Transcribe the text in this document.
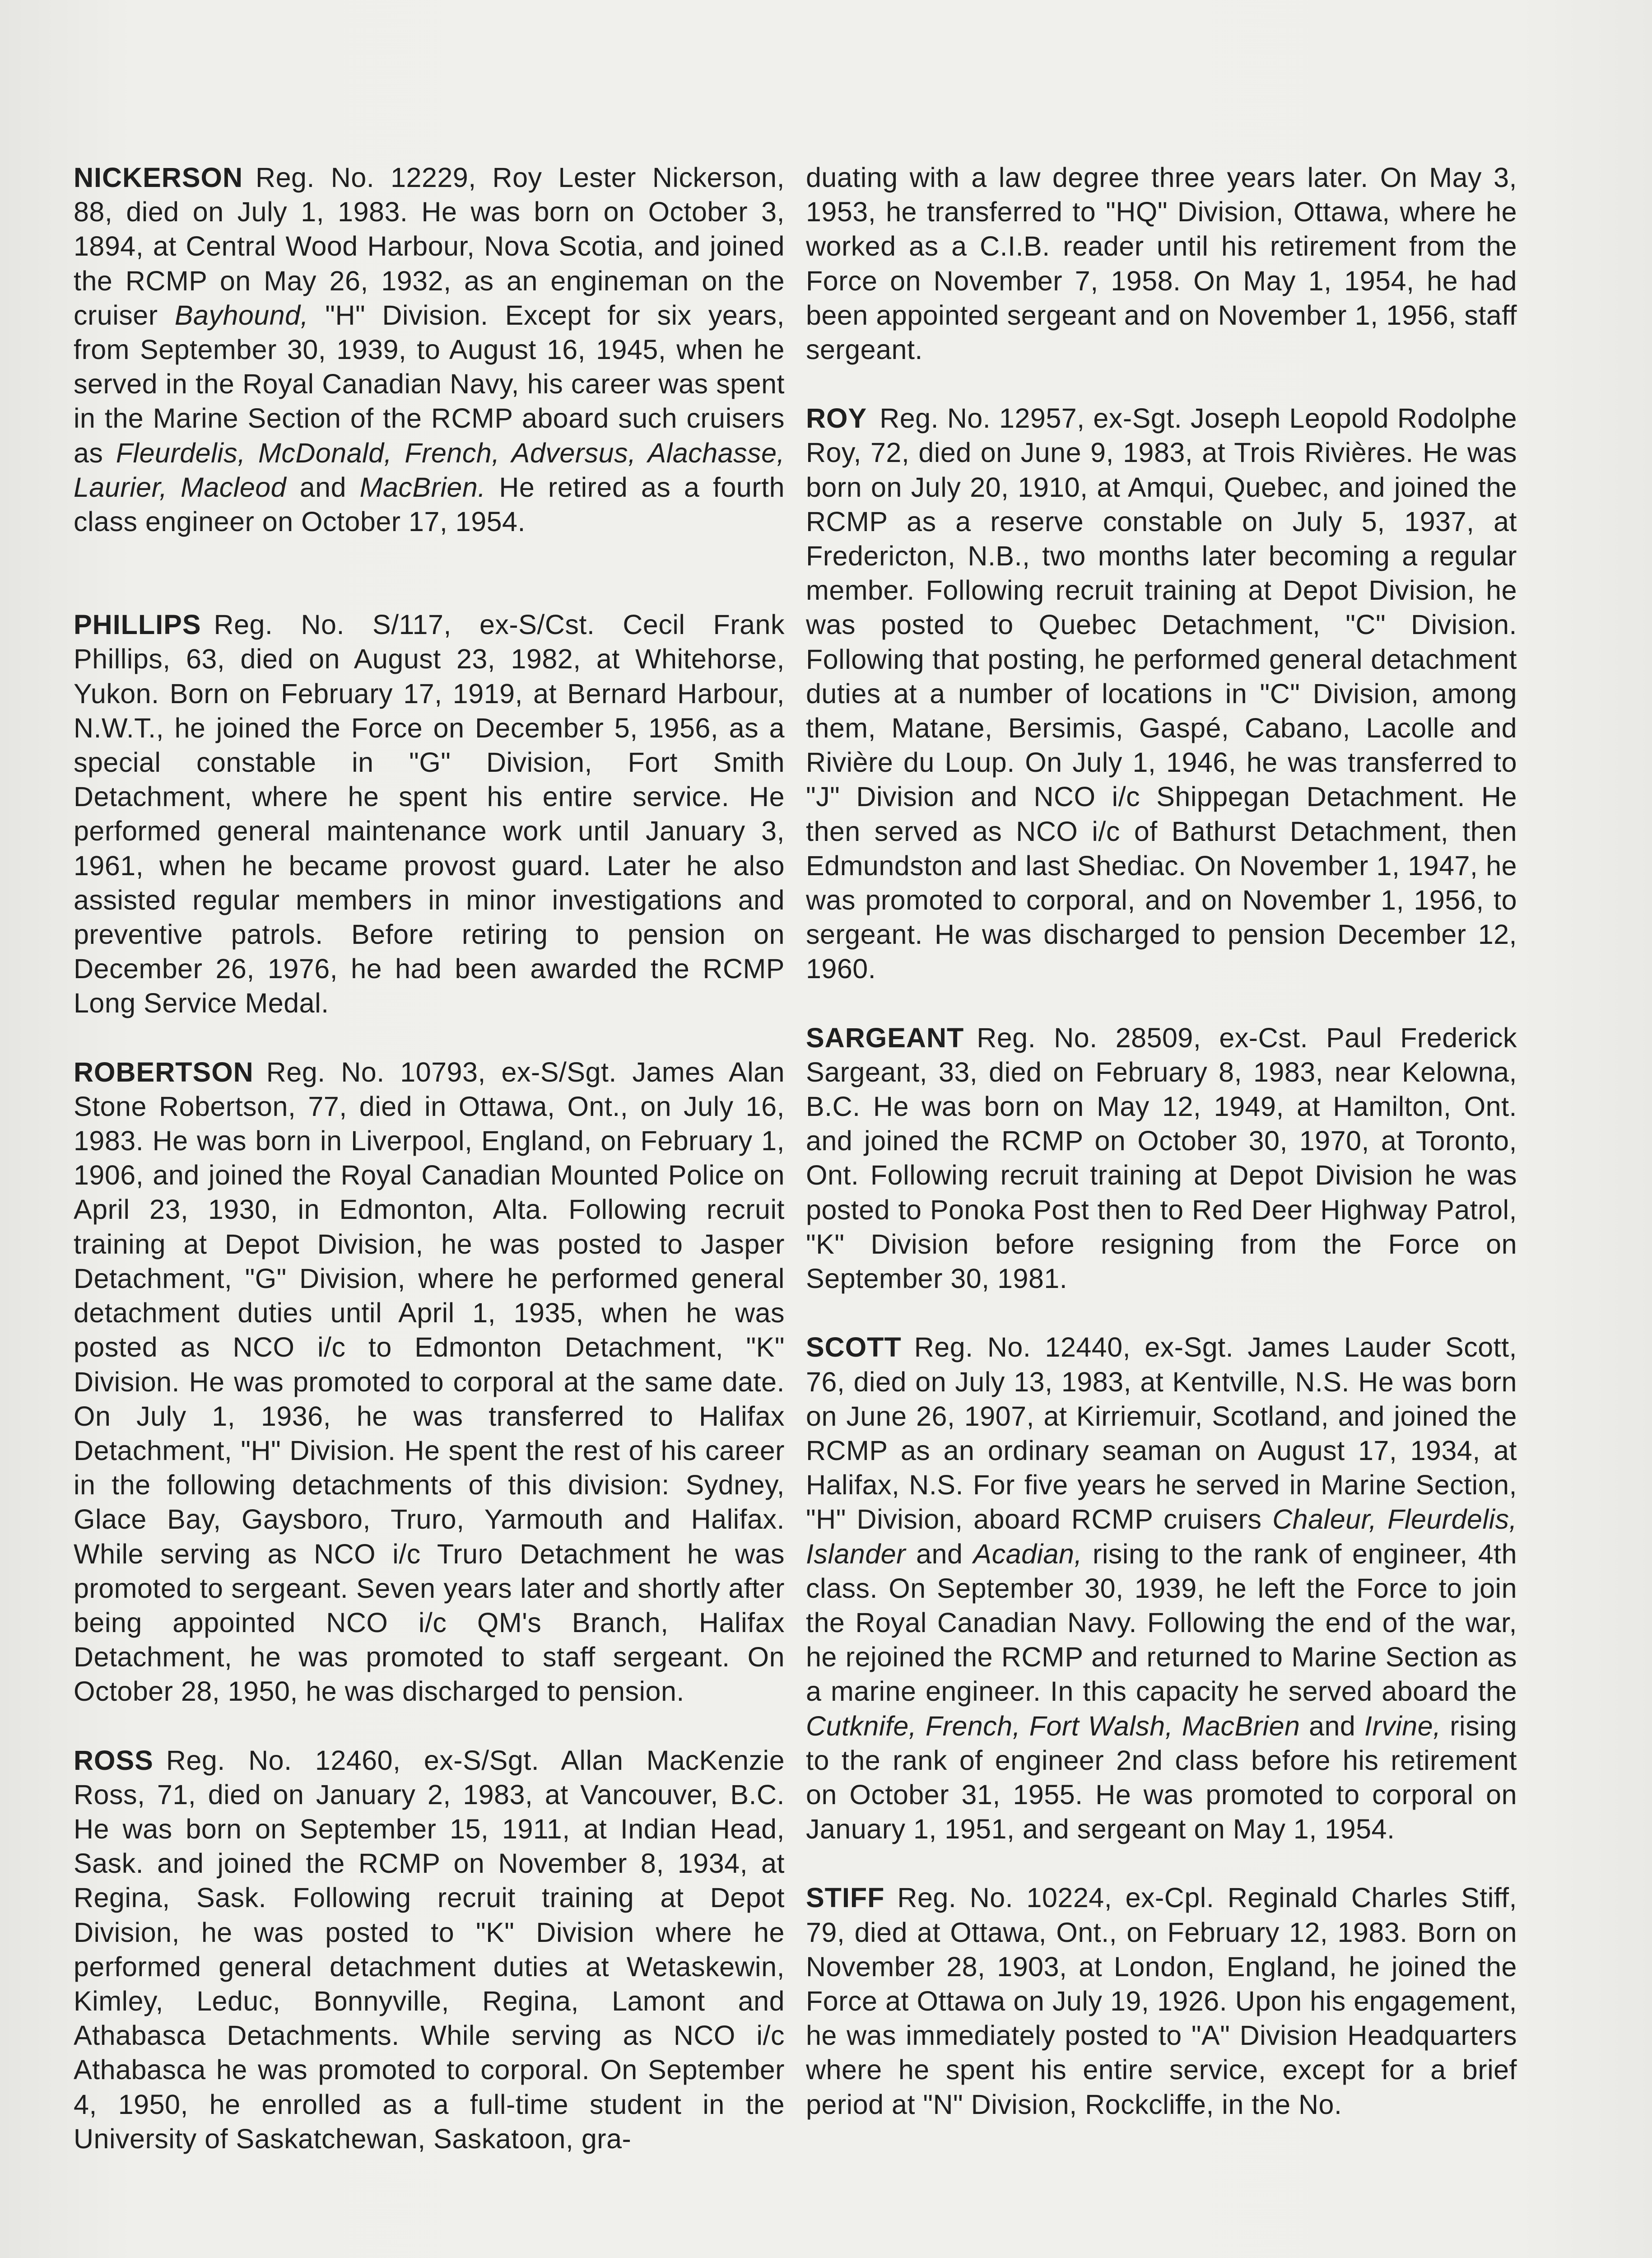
NICKERSON Reg. No. 12229, Roy Lester Nickerson, 88, died on July 1, 1983. He was born on October 3, 1894, at Central Wood Harbour, Nova Scotia, and joined the RCMP on May 26, 1932, as an engineman on the cruiser Bayhound, "H" Division. Except for six years, from September 30, 1939, to August 16, 1945, when he served in the Royal Canadian Navy, his career was spent in the Marine Section of the RCMP aboard such cruisers as Fleurdelis, McDonald, French, Adversus, Alachasse, Laurier, Macleod and MacBrien. He retired as a fourth class engineer on October 17, 1954.

PHILLIPS Reg. No. S/117, ex-S/Cst. Cecil Frank Phillips, 63, died on August 23, 1982, at Whitehorse, Yukon. Born on February 17, 1919, at Bernard Harbour, N.W.T., he joined the Force on December 5, 1956, as a special constable in "G" Division, Fort Smith Detachment, where he spent his entire service. He performed general maintenance work until January 3, 1961, when he became provost guard. Later he also assisted regular members in minor investigations and preventive patrols. Before retiring to pension on December 26, 1976, he had been awarded the RCMP Long Service Medal.

ROBERTSON Reg. No. 10793, ex-S/Sgt. James Alan Stone Robertson, 77, died in Ottawa, Ont., on July 16, 1983. He was born in Liverpool, England, on February 1, 1906, and joined the Royal Canadian Mounted Police on April 23, 1930, in Edmonton, Alta. Following recruit training at Depot Division, he was posted to Jasper Detachment, "G" Division, where he performed general detachment duties until April 1, 1935, when he was posted as NCO i/c to Edmonton Detachment, "K" Division. He was promoted to corporal at the same date. On July 1, 1936, he was transferred to Halifax Detachment, "H" Division. He spent the rest of his career in the following detachments of this division: Sydney, Glace Bay, Gaysboro, Truro, Yarmouth and Halifax. While serving as NCO i/c Truro Detachment he was promoted to sergeant. Seven years later and shortly after being appointed NCO i/c QM's Branch, Halifax Detachment, he was promoted to staff sergeant. On October 28, 1950, he was discharged to pension.

ROSS Reg. No. 12460, ex-S/Sgt. Allan MacKenzie Ross, 71, died on January 2, 1983, at Vancouver, B.C. He was born on September 15, 1911, at Indian Head, Sask. and joined the RCMP on November 8, 1934, at Regina, Sask. Following recruit training at Depot Division, he was posted to "K" Division where he performed general detachment duties at Wetaskewin, Kimley, Leduc, Bonnyville, Regina, Lamont and Athabasca Detachments. While serving as NCO i/c Athabasca he was promoted to corporal. On September 4, 1950, he enrolled as a full-time student in the University of Saskatchewan, Saskatoon, gra-

duating with a law degree three years later. On May 3, 1953, he transferred to "HQ" Division, Ottawa, where he worked as a C.I.B. reader until his retirement from the Force on November 7, 1958. On May 1, 1954, he had been appointed sergeant and on November 1, 1956, staff sergeant.

ROY Reg. No. 12957, ex-Sgt. Joseph Leopold Rodolphe Roy, 72, died on June 9, 1983, at Trois Rivières. He was born on July 20, 1910, at Amqui, Quebec, and joined the RCMP as a reserve constable on July 5, 1937, at Fredericton, N.B., two months later becoming a regular member. Following recruit training at Depot Division, he was posted to Quebec Detachment, "C" Division. Following that posting, he performed general detachment duties at a number of locations in "C" Division, among them, Matane, Bersimis, Gaspé, Cabano, Lacolle and Rivière du Loup. On July 1, 1946, he was transferred to "J" Division and NCO i/c Shippegan Detachment. He then served as NCO i/c of Bathurst Detachment, then Edmundston and last Shediac. On November 1, 1947, he was promoted to corporal, and on November 1, 1956, to sergeant. He was discharged to pension December 12, 1960.

SARGEANT Reg. No. 28509, ex-Cst. Paul Frederick Sargeant, 33, died on February 8, 1983, near Kelowna, B.C. He was born on May 12, 1949, at Hamilton, Ont. and joined the RCMP on October 30, 1970, at Toronto, Ont. Following recruit training at Depot Division he was posted to Ponoka Post then to Red Deer Highway Patrol, "K" Division before resigning from the Force on September 30, 1981.

SCOTT Reg. No. 12440, ex-Sgt. James Lauder Scott, 76, died on July 13, 1983, at Kentville, N.S. He was born on June 26, 1907, at Kirriemuir, Scotland, and joined the RCMP as an ordinary seaman on August 17, 1934, at Halifax, N.S. For five years he served in Marine Section, "H" Division, aboard RCMP cruisers Chaleur, Fleurdelis, Islander and Acadian, rising to the rank of engineer, 4th class. On September 30, 1939, he left the Force to join the Royal Canadian Navy. Following the end of the war, he rejoined the RCMP and returned to Marine Section as a marine engineer. In this capacity he served aboard the Cutknife, French, Fort Walsh, MacBrien and Irvine, rising to the rank of engineer 2nd class before his retirement on October 31, 1955. He was promoted to corporal on January 1, 1951, and sergeant on May 1, 1954.

STIFF Reg. No. 10224, ex-Cpl. Reginald Charles Stiff, 79, died at Ottawa, Ont., on February 12, 1983. Born on November 28, 1903, at London, England, he joined the Force at Ottawa on July 19, 1926. Upon his engagement, he was immediately posted to "A" Division Headquarters where he spent his entire service, except for a brief period at "N" Division, Rockcliffe, in the No.
